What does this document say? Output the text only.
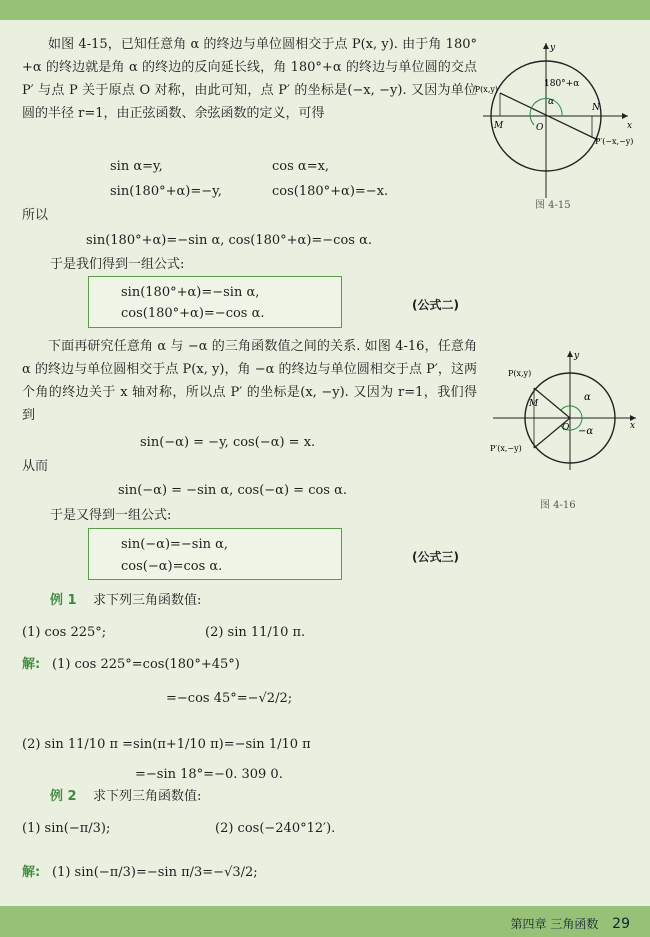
如图 4-15，已知任意角 α 的终边与单位圆相交于点 P(x, y). 由于角 180°+α 的终边就是角 α 的终边的反向延长线，角 180°+α 的终边与单位圆的交点 P′ 与点 P 关于原点 O 对称，由此可知，点 P′ 的坐标是(−x, −y). 又因为单位圆的半径 r=1，由正弦函数、余弦函数的定义，可得

sin α=y,	cos α=x,
sin(180°+α)=−y,	cos(180°+α)=−x.
所以
sin(180°+α)=−sin α, cos(180°+α)=−cos α.
于是我们得到一组公式:
sin(180°+α)=−sin α,
cos(180°+α)=−cos α.
(公式二)

下面再研究任意角 α 与 −α 的三角函数值之间的关系. 如图 4-16，任意角 α 的终边与单位圆相交于点 P(x, y)，角 −α 的终边与单位圆相交于点 P′，这两个角的终边关于 x 轴对称，所以点 P′ 的坐标是(x, −y). 又因为 r=1，我们得到

sin(−α) = −y, cos(−α) = x.
从而
sin(−α) = −sin α, cos(−α) = cos α.
于是又得到一组公式:
sin(−α)=−sin α,
cos(−α)=cos α.
(公式三)
例 1 求下列三角函数值:
(1) cos 225°;	(2) sin 11/10 π.
解: (1) cos 225°=cos(180°+45°)
=−cos 45°=−√2/2;
(2) sin 11/10 π =sin(π+1/10 π)=−sin 1/10 π
=−sin 18°=−0. 309 0.
例 2 求下列三角函数值:
(1) sin(−π/3);	(2) cos(−240°12′).
解: (1) sin(−π/3)=−sin π/3=−√3/2;
P(x,y)
P′(−x,−y)
180°+α
α
O
M
N
x
y
图 4-15
P(x,y)
P′(x,−y)
α
−α
O
M
x
y
图 4-16
第四章 三角函数 29
